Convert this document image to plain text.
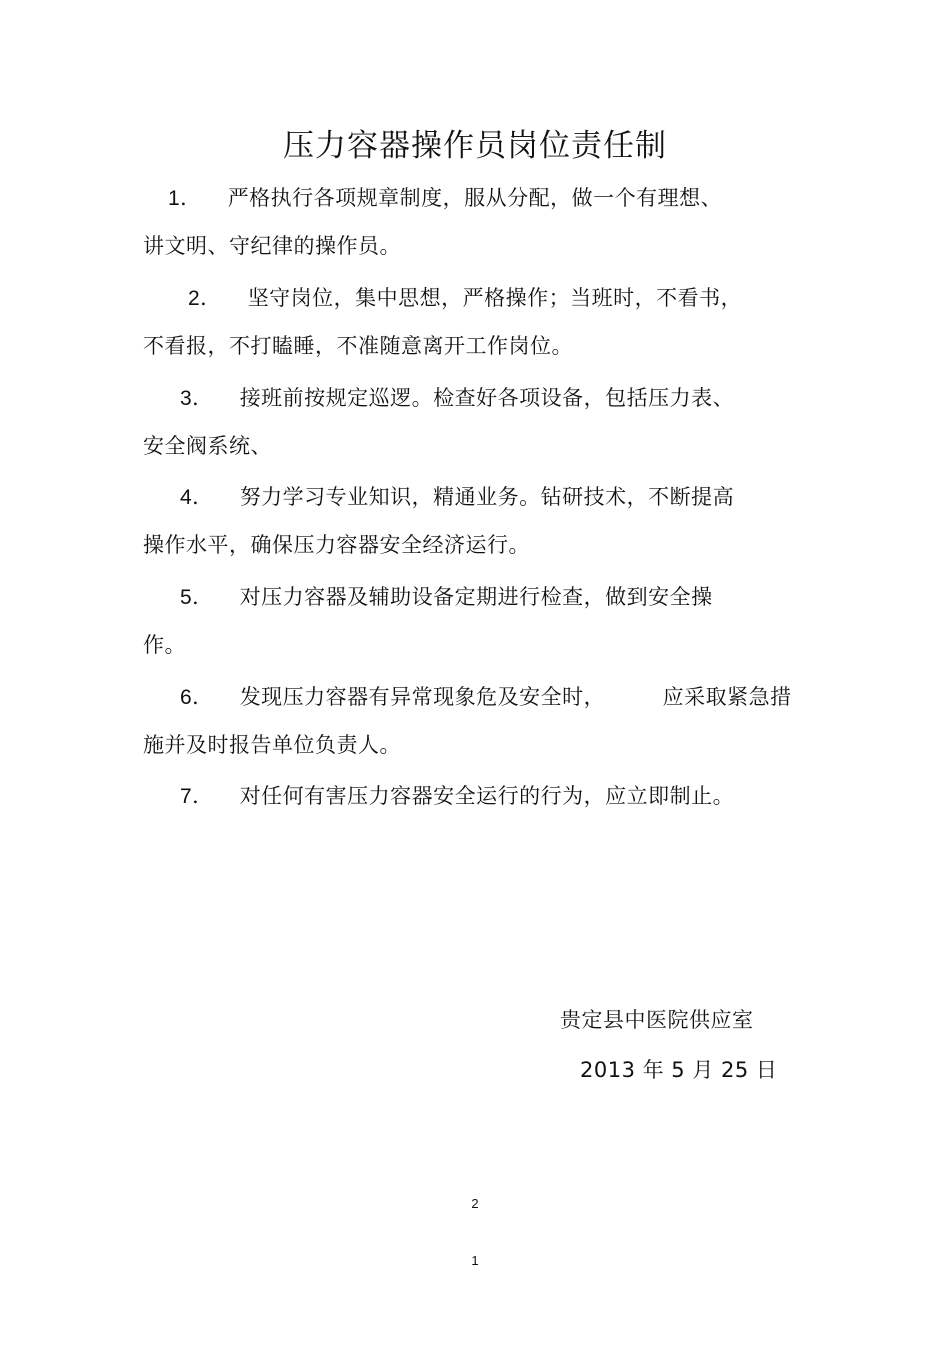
压力容器操作员岗位责任制
1． 严格执行各项规章制度，服从分配，做一个有理想、
讲文明、守纪律的操作员。
2． 坚守岗位，集中思想，严格操作；当班时，不看书，
不看报，不打瞌睡，不准随意离开工作岗位。
3． 接班前按规定巡逻。检查好各项设备，包括压力表、
安全阀系统、
4． 努力学习专业知识，精通业务。钻研技术，不断提高
操作水平，确保压力容器安全经济运行。
5． 对压力容器及辅助设备定期进行检查，做到安全操
作。
6． 发现压力容器有异常现象危及安全时，        应采取紧急措
施并及时报告单位负责人。
7． 对任何有害压力容器安全运行的行为，应立即制止。
贵定县中医院供应室
2013 年 5 月 25 日
2
1
